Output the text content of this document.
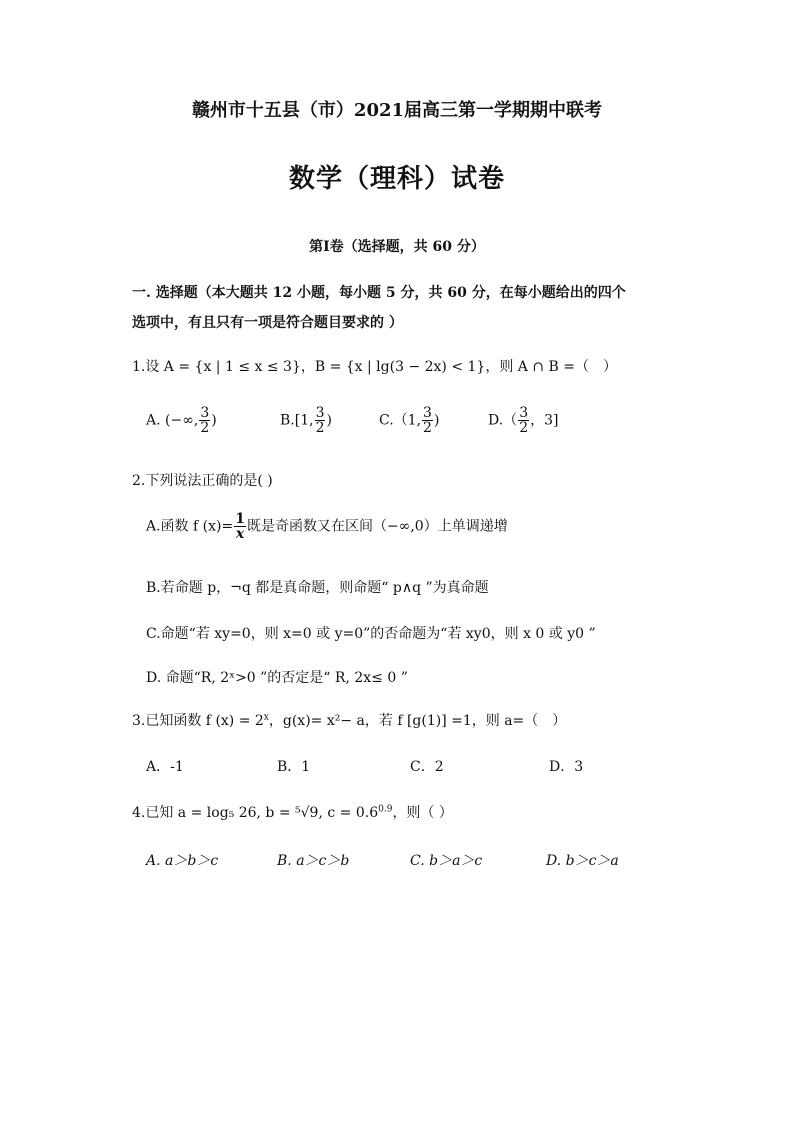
赣州市十五县（市）2021届高三第一学期期中联考
数学（理科）试卷
第Ⅰ卷（选择题，共 60 分）
一. 选择题（本大题共 12 小题，每小题 5 分，共 60 分，在每小题给出的四个
选项中，有且只有一项是符合题目要求的 ）
1.设 A = {x | 1 ≤ x ≤ 3}，B = {x | lg(3 − 2x) < 1}，则 A ∩ B =（　）
A. (−∞, $\frac{3}{2}$ )	B.[1, $\frac{3}{2}$ )	C.（1, $\frac{3}{2}$ )	$D.( \frac{3}{2}$ ，3]
2.下列说法正确的是( )
A.函数 f $(x)= \frac{1}{x}$ 既是奇函数又在区间（−∞,0）上单调递增
B.若命题 p，¬q 都是真命题，则命题“ p∧q ”为真命题
C.命题“若 xy=0，则 x=0 或 y=0”的否命题为“若 xy0，则 x 0 或 y0 ”
D. 命题“R, 2ˣ>0 ”的否定是“ R, 2x≤ 0 ”
3.已知函数 f $(x) = 2^x$，g(x)= x²− a，若 f [g(1)] =1，则 a=（　）
A．-1	B．1	C．2	D．3
4.已知 a = log₅ 26, b = ⁵√9, $c = 0.6^{0.9}$，则（ ）
A. a＞b＞c	B. a＞c＞b	C. b＞a＞c	D. b＞c＞a
